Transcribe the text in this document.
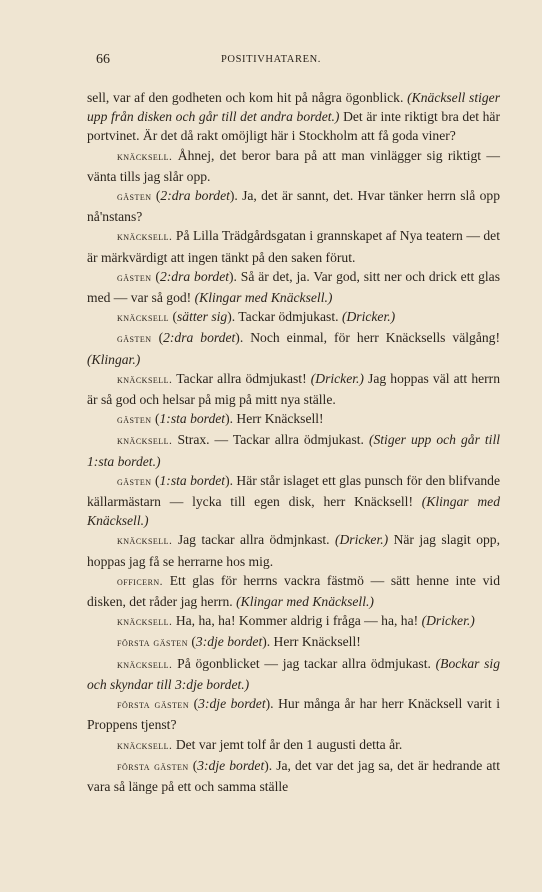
66	POSITIVHATAREN.

sell, var af den godheten och kom hit på några ögonblick. (Knäcksell stiger upp från disken och går till det andra bordet.) Det är inte riktigt bra det här portvinet. Är det då rakt omöjligt här i Stockholm att få goda viner?

knäcksell. Åhnej, det beror bara på att man vinlägger sig riktigt — vänta tills jag slår opp.

gästen (2:dra bordet). Ja, det är sannt, det. Hvar tänker herrn slå opp nå'nstans?

knäcksell. På Lilla Trädgårdsgatan i grannskapet af Nya teatern — det är märkvärdigt att ingen tänkt på den saken förut.

gästen (2:dra bordet). Så är det, ja. Var god, sitt ner och drick ett glas med — var så god! (Klingar med Knäcksell.)

knäcksell (sätter sig). Tackar ödmjukast. (Dricker.)

gästen (2:dra bordet). Noch einmal, för herr Knäcksells välgång! (Klingar.)

knäcksell. Tackar allra ödmjukast! (Dricker.) Jag hoppas väl att herrn är så god och helsar på mig på mitt nya ställe.

gästen (1:sta bordet). Herr Knäcksell!

knäcksell. Strax. — Tackar allra ödmjukast. (Stiger upp och går till 1:sta bordet.)

gästen (1:sta bordet). Här står islaget ett glas punsch för den blifvande källarmästarn — lycka till egen disk, herr Knäcksell! (Klingar med Knäcksell.)

knäcksell. Jag tackar allra ödmjnkast. (Dricker.) När jag slagit opp, hoppas jag få se herrarne hos mig.

officern. Ett glas för herrns vackra fästmö — sätt henne inte vid disken, det råder jag herrn. (Klingar med Knäcksell.)

knäcksell. Ha, ha, ha! Kommer aldrig i fråga — ha, ha! (Dricker.)

första gästen (3:dje bordet). Herr Knäcksell!

knäcksell. På ögonblicket — jag tackar allra ödmjukast. (Bockar sig och skyndar till 3:dje bordet.)

första gästen (3:dje bordet). Hur många år har herr Knäcksell varit i Proppens tjenst?

knäcksell. Det var jemt tolf år den 1 augusti detta år.

första gästen (3:dje bordet). Ja, det var det jag sa, det är hedrande att vara så länge på ett och samma ställe
